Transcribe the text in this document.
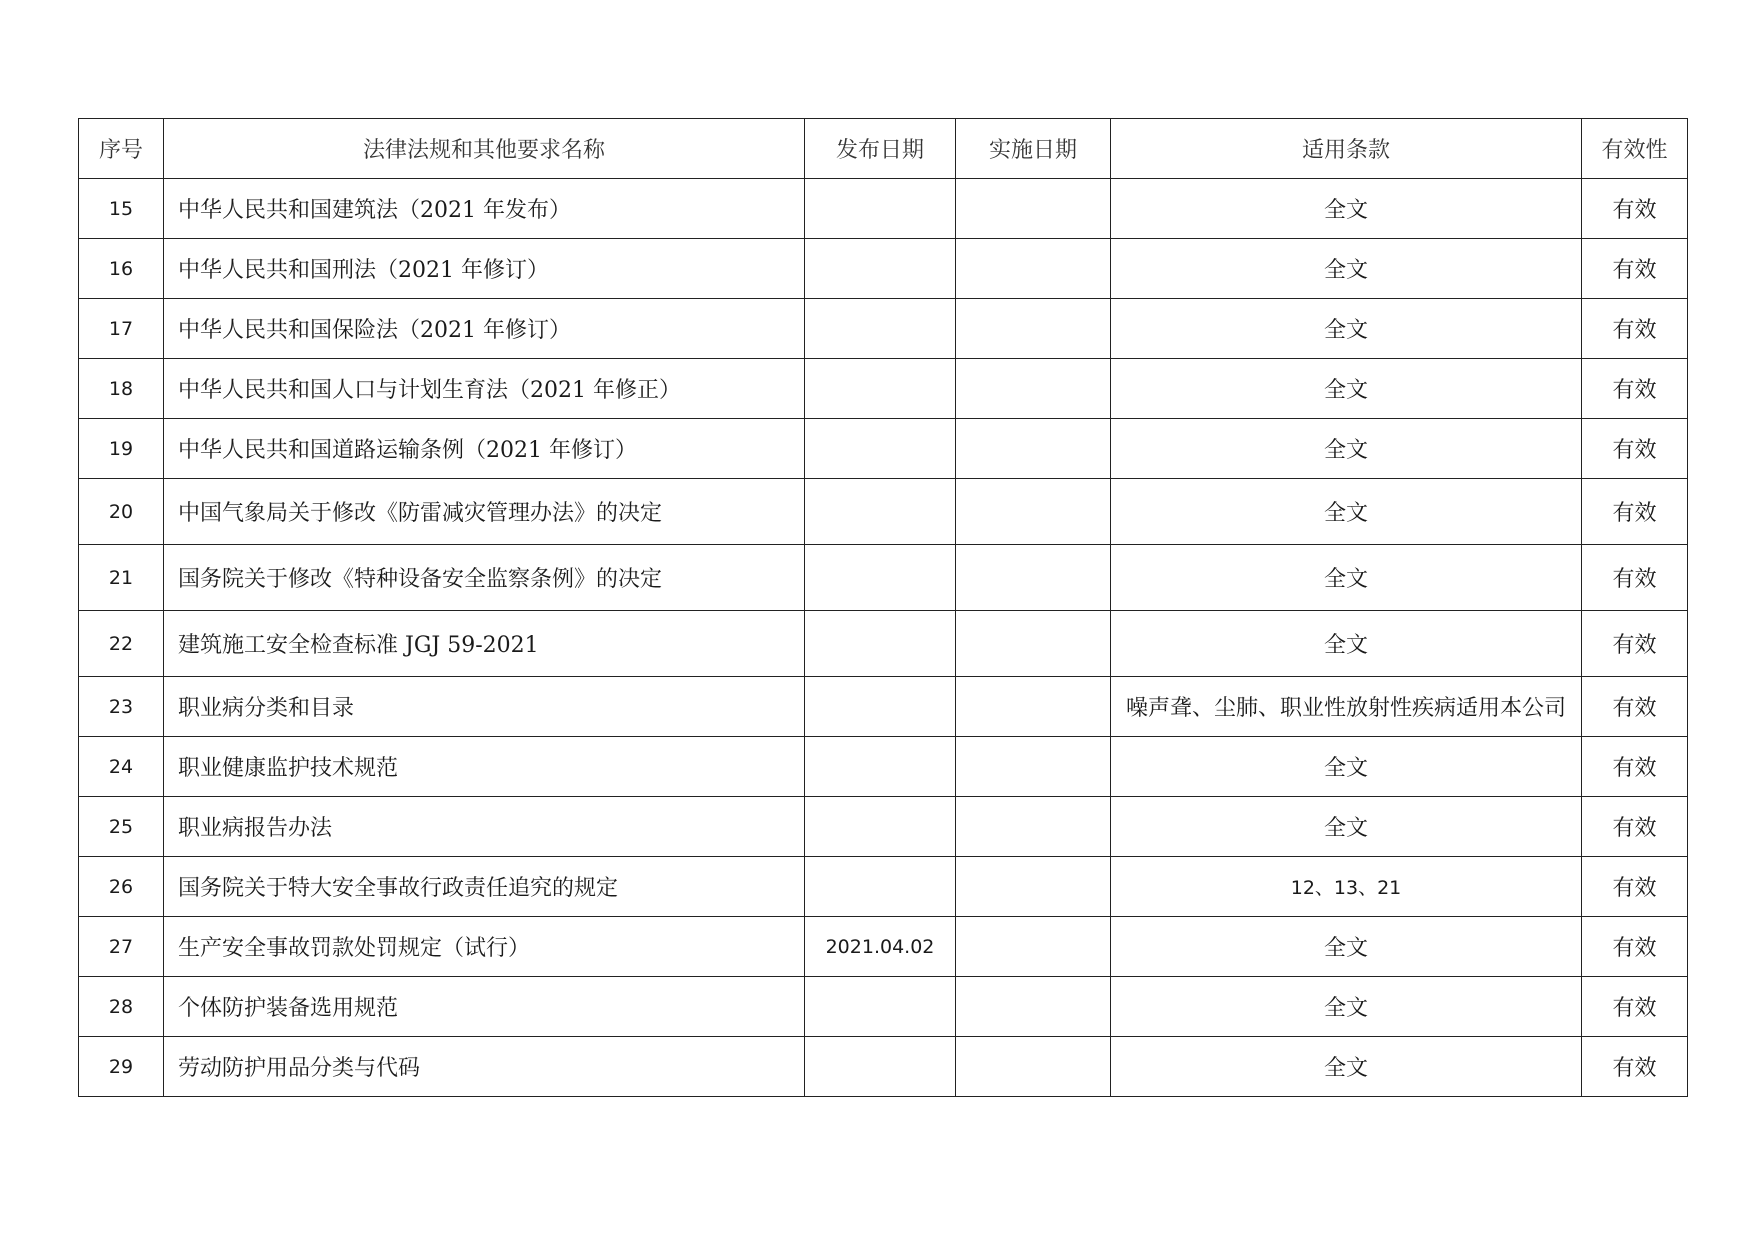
序号	法律法规和其他要求名称	发布日期	实施日期	适用条款	有效性
15	中华人民共和国建筑法（2021 年发布）			全文	有效
16	中华人民共和国刑法（2021 年修订）			全文	有效
17	中华人民共和国保险法（2021 年修订）			全文	有效
18	中华人民共和国人口与计划生育法（2021 年修正）			全文	有效
19	中华人民共和国道路运输条例（2021 年修订）			全文	有效
20	中国气象局关于修改《防雷减灾管理办法》的决定			全文	有效
21	国务院关于修改《特种设备安全监察条例》的决定			全文	有效
22	建筑施工安全检查标准 JGJ 59-2021			全文	有效
23	职业病分类和目录			噪声聋、尘肺、职业性放射性疾病适用本公司	有效
24	职业健康监护技术规范			全文	有效
25	职业病报告办法			全文	有效
26	国务院关于特大安全事故行政责任追究的规定			12、13、21	有效
27	生产安全事故罚款处罚规定（试行）	2021.04.02		全文	有效
28	个体防护装备选用规范			全文	有效
29	劳动防护用品分类与代码			全文	有效
